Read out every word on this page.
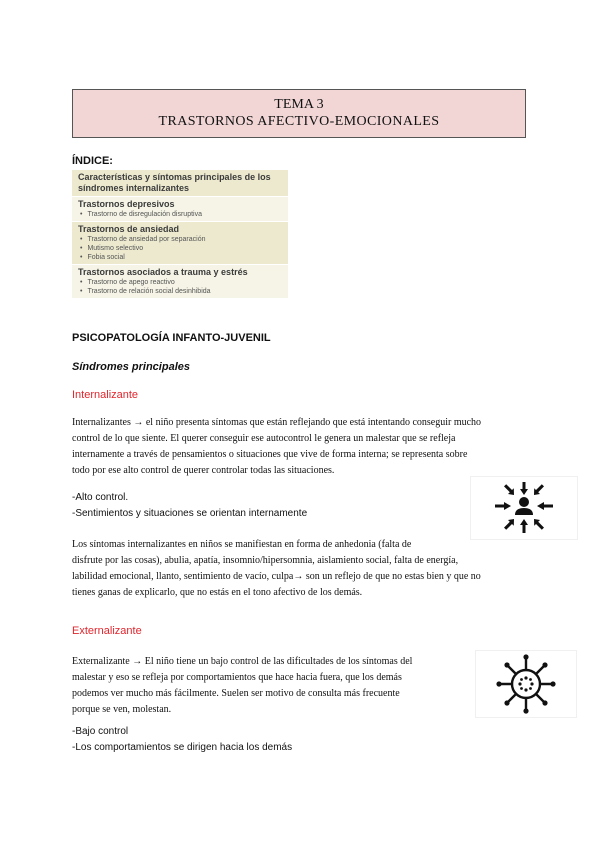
TEMA 3
TRASTORNOS AFECTIVO-EMOCIONALES
ÍNDICE:
Características y síntomas principales de los síndromes internalizantes
Trastornos depresivos
• Trastorno de disregulación disruptiva
Trastornos de ansiedad
• Trastorno de ansiedad por separación
• Mutismo selectivo
• Fobia social
Trastornos asociados a trauma y estrés
• Trastorno de apego reactivo
• Trastorno de relación social desinhibida
PSICOPATOLOGÍA INFANTO-JUVENIL
Síndromes principales
Internalizante
Internalizantes → el niño presenta síntomas que están reflejando que está intentando conseguir mucho
control de lo que siente. El querer conseguir ese autocontrol le genera un malestar que se refleja
internamente a través de pensamientos o situaciones que vive de forma interna; se representa sobre
todo por ese alto control de querer controlar todas las situaciones.
-Alto control.
-Sentimientos y situaciones se orientan internamente
Los síntomas internalizantes en niños se manifiestan en forma de anhedonia (falta de
disfrute por las cosas), abulia, apatía, insomnio/hipersomnia, aislamiento social, falta de energía,
labilidad emocional, llanto, sentimiento de vacío, culpa→ son un reflejo de que no estas bien y que no
tienes ganas de explicarlo, que no estás en el tono afectivo de los demás.
Externalizante
Externalizante → El niño tiene un bajo control de las dificultades de los síntomas del
malestar y eso se refleja por comportamientos que hace hacia fuera, que los demás
podemos ver mucho más fácilmente. Suelen ser motivo de consulta más frecuente
porque se ven, molestan.
-Bajo control
-Los comportamientos se dirigen hacia los demás
